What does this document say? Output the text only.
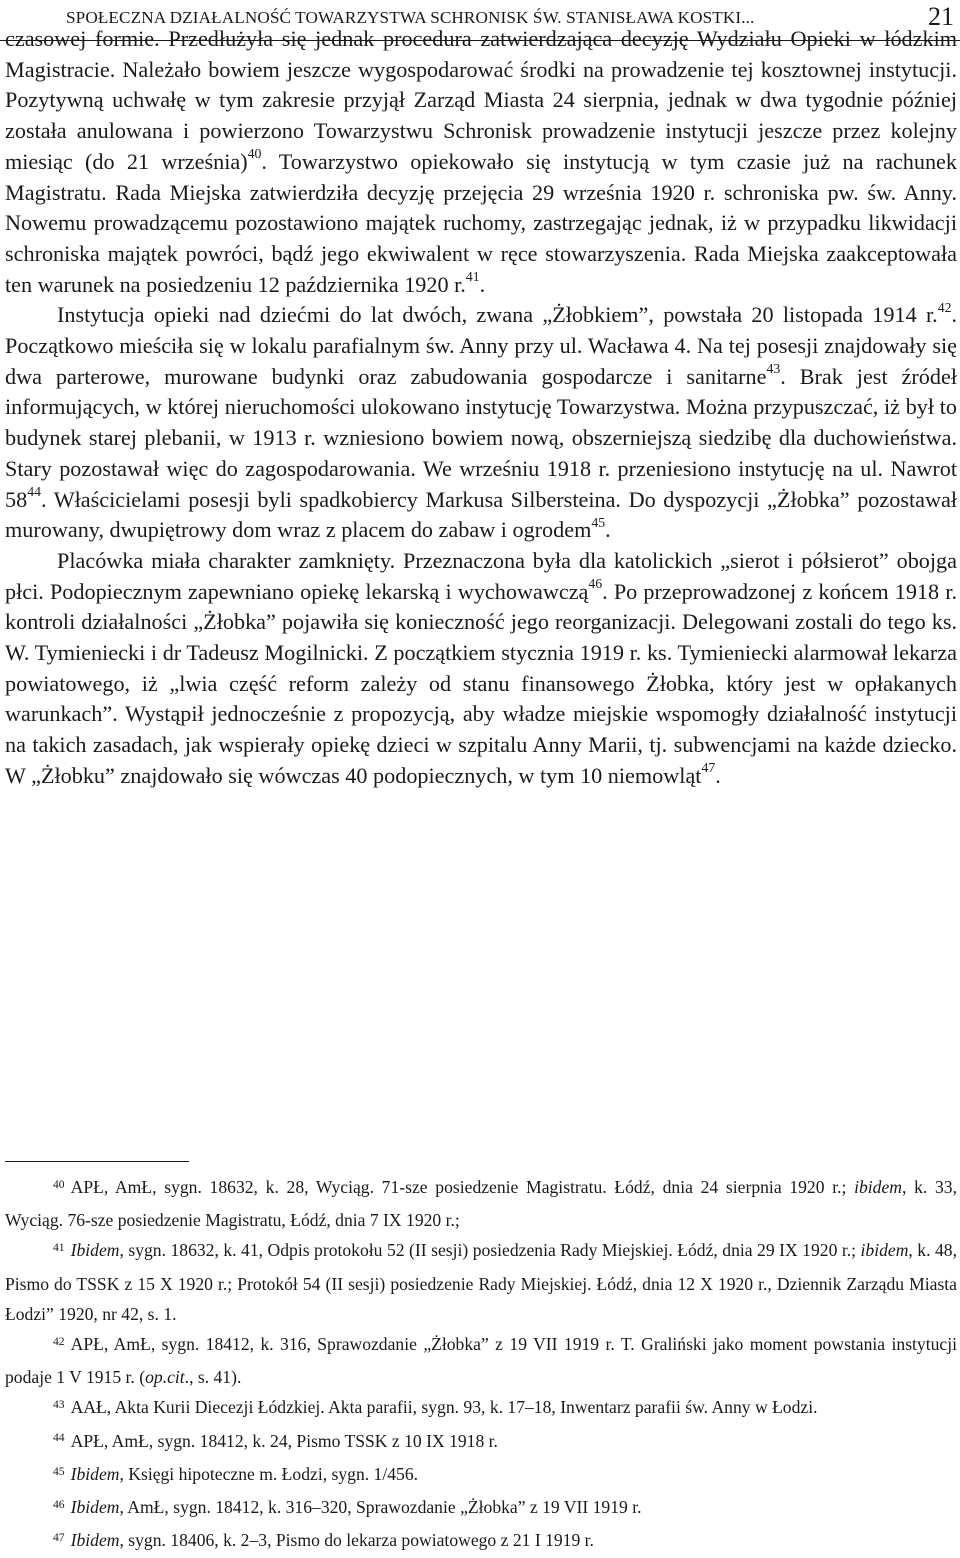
SPOŁECZNA DZIAŁALNOŚĆ TOWARZYSTWA SCHRONISK ŚW. STANISŁAWA KOSTKI...	21

czasowej formie. Przedłużyła się jednak procedura zatwierdzająca decyzję Wydziału Opieki w łódzkim Magistracie. Należało bowiem jeszcze wygospodarować środki na prowadzenie tej kosztownej instytucji. Pozytywną uchwałę w tym zakresie przyjął Zarząd Miasta 24 sierpnia, jednak w dwa tygodnie później została anulowana i powierzono Towarzystwu Schronisk prowadzenie instytucji jeszcze przez kolejny miesiąc (do 21 września)$^{40}$. Towarzystwo opiekowało się instytucją w tym czasie już na rachunek Magistratu. Rada Miejska zatwierdziła decyzję przejęcia 29 września 1920 r. schroniska pw. św. Anny. Nowemu prowadzącemu pozostawiono majątek ruchomy, zastrzegając jednak, iż w przypadku likwidacji schroniska majątek powróci, bądź jego ekwiwalent w ręce stowarzyszenia. Rada Miejska zaakceptowała ten warunek na posiedzeniu 12 października 1920 r.$^{41}$.

Instytucja opieki nad dziećmi do lat dwóch, zwana „Żłobkiem”, powstała 20 listopada 1914 r.$^{42}$. Początkowo mieściła się w lokalu parafialnym św. Anny przy ul. Wacława 4. Na tej posesji znajdowały się dwa parterowe, murowane budynki oraz zabudowania gospodarcze i sanitarne$^{43}$. Brak jest źródeł informujących, w której nieruchomości ulokowano instytucję Towarzystwa. Można przypuszczać, iż był to budynek starej plebanii, w 1913 r. wzniesiono bowiem nową, obszerniejszą siedzibę dla duchowieństwa. Stary pozostawał więc do zagospodarowania. We wrześniu 1918 r. przeniesiono instytucję na ul. Nawrot $58^{44}$. Właścicielami posesji byli spadkobiercy Markusa Silbersteina. Do dyspozycji „Żłobka” pozostawał murowany, dwupiętrowy dom wraz z placem do zabaw i ogrodem$^{45}$.

Placówka miała charakter zamknięty. Przeznaczona była dla katolickich „sierot i półsierot” obojga płci. Podopiecznym zapewniano opiekę lekarską i wychowawczą$^{46}$. Po przeprowadzonej z końcem 1918 r. kontroli działalności „Żłobka” pojawiła się konieczność jego reorganizacji. Delegowani zostali do tego ks. W. Tymieniecki i dr Tadeusz Mogilnicki. Z początkiem stycznia 1919 r. ks. Tymieniecki alarmował lekarza powiatowego, iż „lwia część reform zależy od stanu finansowego Żłobka, który jest w opłakanych warunkach”. Wystąpił jednocześnie z propozycją, aby władze miejskie wspomogły działalność instytucji na takich zasadach, jak wspierały opiekę dzieci w szpitalu Anny Marii, tj. subwencjami na każde dziecko. W „Żłobku” znajdowało się wówczas 40 podopiecznych, w tym 10 niemowląt$^{47}$.

$^{40}$ APŁ, AmŁ, sygn. 18632, k. 28, Wyciąg. 71-sze posiedzenie Magistratu. Łódź, dnia 24 sierpnia 1920 r.; ibidem, k. 33, Wyciąg. 76-sze posiedzenie Magistratu, Łódź, dnia 7 IX 1920 r.;

$^{41}$ Ibidem, sygn. 18632, k. 41, Odpis protokołu 52 (II sesji) posiedzenia Rady Miejskiej. Łódź, dnia 29 IX 1920 r.; ibidem, k. 48, Pismo do TSSK z 15 X 1920 r.; Protokół 54 (II sesji) posiedzenie Rady Miejskiej. Łódź, dnia 12 X 1920 r., Dziennik Zarządu Miasta Łodzi” 1920, nr 42, s. 1.

$^{42}$ APŁ, AmŁ, sygn. 18412, k. 316, Sprawozdanie „Żłobka” z 19 VII 1919 r. T. Graliński jako moment powstania instytucji podaje 1 V 1915 r. (op.cit., s. 41).

$^{43}$ AAŁ, Akta Kurii Diecezji Łódzkiej. Akta parafii, sygn. 93, k. 17–18, Inwentarz parafii św. Anny w Łodzi.

$^{44}$ APŁ, AmŁ, sygn. 18412, k. 24, Pismo TSSK z 10 IX 1918 r.

$^{45}$ Ibidem, Księgi hipoteczne m. Łodzi, sygn. 1/456.

$^{46}$ Ibidem, AmŁ, sygn. 18412, k. 316–320, Sprawozdanie „Żłobka” z 19 VII 1919 r.

$^{47}$ Ibidem, sygn. 18406, k. 2–3, Pismo do lekarza powiatowego z 21 I 1919 r.
